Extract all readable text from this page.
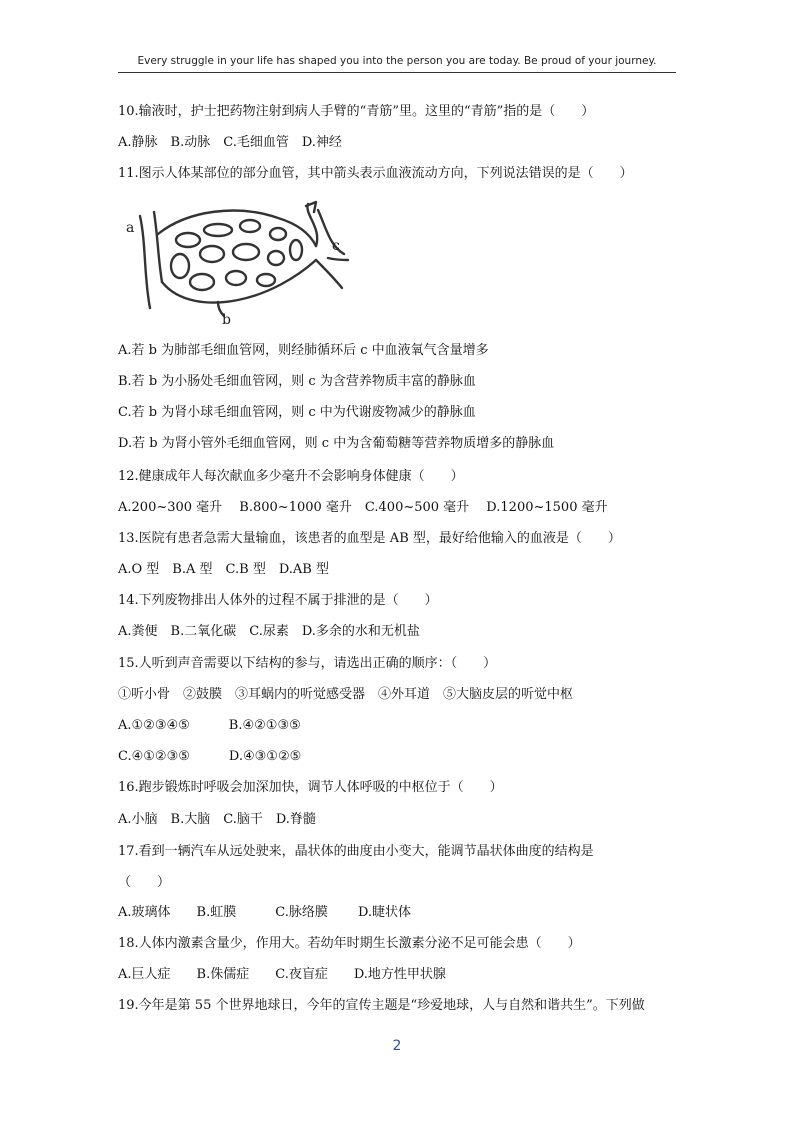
Every struggle in your life has shaped you into the person you are today. Be proud of your journey.
10.输液时，护士把药物注射到病人手臂的“青筋”里。这里的“青筋”指的是（　　）
A.静脉　B.动脉　C.毛细血管　D.神经
11.图示人体某部位的部分血管，其中箭头表示血液流动方向，下列说法错误的是（　　）
a
c
b
A.若 b 为肺部毛细血管网，则经肺循环后 c 中血液氧气含量增多
B.若 b 为小肠处毛细血管网，则 c 为含营养物质丰富的静脉血
C.若 b 为肾小球毛细血管网，则 c 中为代谢废物减少的静脉血
D.若 b 为肾小管外毛细血管网，则 c 中为含葡萄糖等营养物质增多的静脉血
12.健康成年人每次献血多少毫升不会影响身体健康（　　）
A.200~300 毫升　 B.800~1000 毫升　C.400~500 毫升　 D.1200~1500 毫升
13.医院有患者急需大量输血，该患者的血型是 AB 型，最好给他输入的血液是（　　）
A.O 型　B.A 型　C.B 型　D.AB 型
14.下列废物排出人体外的过程不属于排泄的是（　　）
A.粪便　B.二氧化碳　C.尿素　D.多余的水和无机盐
15.人听到声音需要以下结构的参与，请选出正确的顺序：（　　）
①听小骨　②鼓膜　③耳蜗内的听觉感受器　④外耳道　⑤大脑皮层的听觉中枢
A.①②③④⑤　　　B.④②①③⑤
C.④①②③⑤　　　D.④③①②⑤
16.跑步锻炼时呼吸会加深加快，调节人体呼吸的中枢位于（　　）
A.小脑　B.大脑　C.脑干　D.脊髓
17.看到一辆汽车从远处驶来，晶状体的曲度由小变大，能调节晶状体曲度的结构是
（　　）
A.玻璃体　　B.虹膜　　　C.脉络膜　　 D.睫状体
18.人体内激素含量少，作用大。若幼年时期生长激素分泌不足可能会患（　　）
A.巨人症　　B.侏儒症　　C.夜盲症　　D.地方性甲状腺
19.今年是第 55 个世界地球日，今年的宣传主题是“珍爱地球，人与自然和谐共生”。下列做
2
